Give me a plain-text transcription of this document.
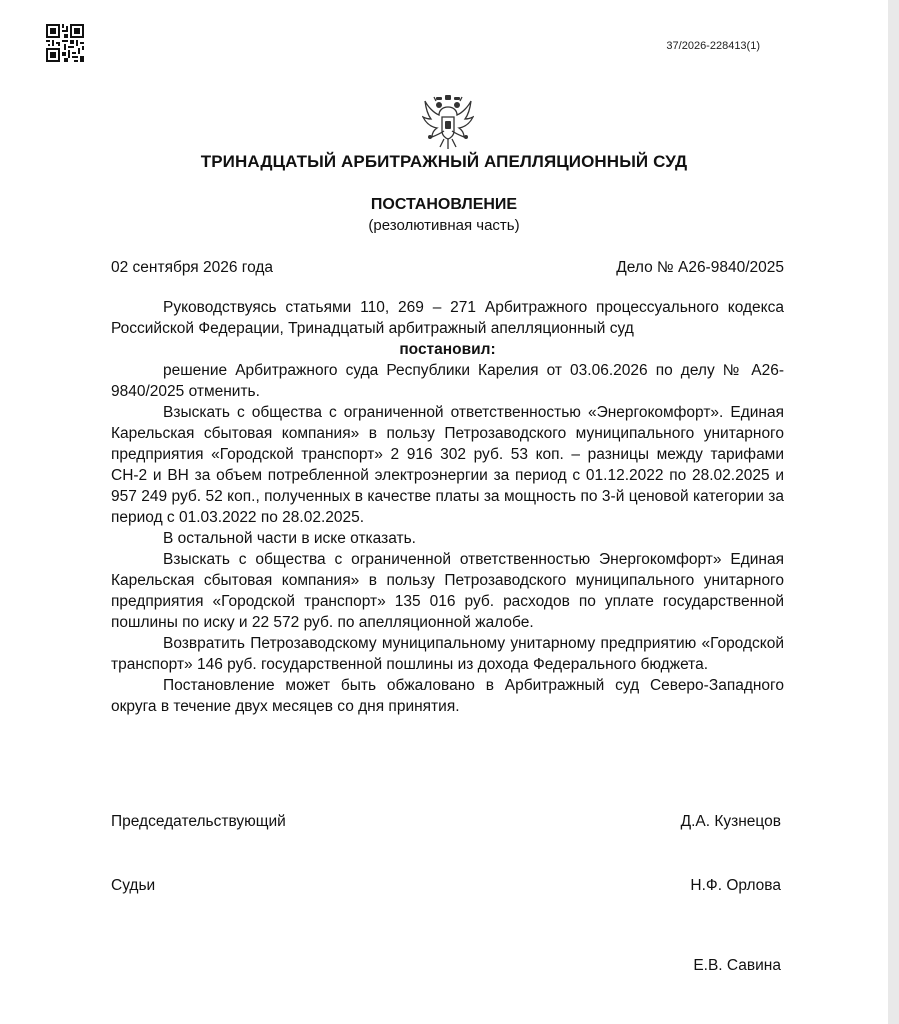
37/2026-228413(1)
ТРИНАДЦАТЫЙ АРБИТРАЖНЫЙ АПЕЛЛЯЦИОННЫЙ СУД
ПОСТАНОВЛЕНИЕ
(резолютивная часть)
02 сентября 2026 года	Дело № А26-9840/2025

Руководствуясь статьями 110, 269 – 271 Арбитражного процессуального кодекса Российской Федерации, Тринадцатый арбитражный апелляционный суд

постановил:

решение Арбитражного суда Республики Карелия от 03.06.2026 по делу № А26-9840/2025 отменить.

Взыскать с общества с ограниченной ответственностью «Энергокомфорт». Единая Карельская сбытовая компания» в пользу Петрозаводского муниципального унитарного предприятия «Городской транспорт» 2 916 302 руб. 53 коп. – разницы между тарифами СН-2 и ВН за объем потребленной электроэнергии за период с 01.12.2022 по 28.02.2025 и 957 249 руб. 52 коп., полученных в качестве платы за мощность по 3-й ценовой категории за период с 01.03.2022 по 28.02.2025.

В остальной части в иске отказать.

Взыскать с общества с ограниченной ответственностью Энергокомфорт» Единая Карельская сбытовая компания» в пользу Петрозаводского муниципального унитарного предприятия «Городской транспорт» 135 016 руб. расходов по уплате государственной пошлины по иску и 22 572 руб. по апелляционной жалобе.

Возвратить Петрозаводскому муниципальному унитарному предприятию «Городской транспорт» 146 руб. государственной пошлины из дохода Федерального бюджета.

Постановление может быть обжаловано в Арбитражный суд Северо-Западного округа в течение двух месяцев со дня принятия.

Председательствующий	Д.А. Кузнецов
Судьи	Н.Ф. Орлова
Е.В. Савина
